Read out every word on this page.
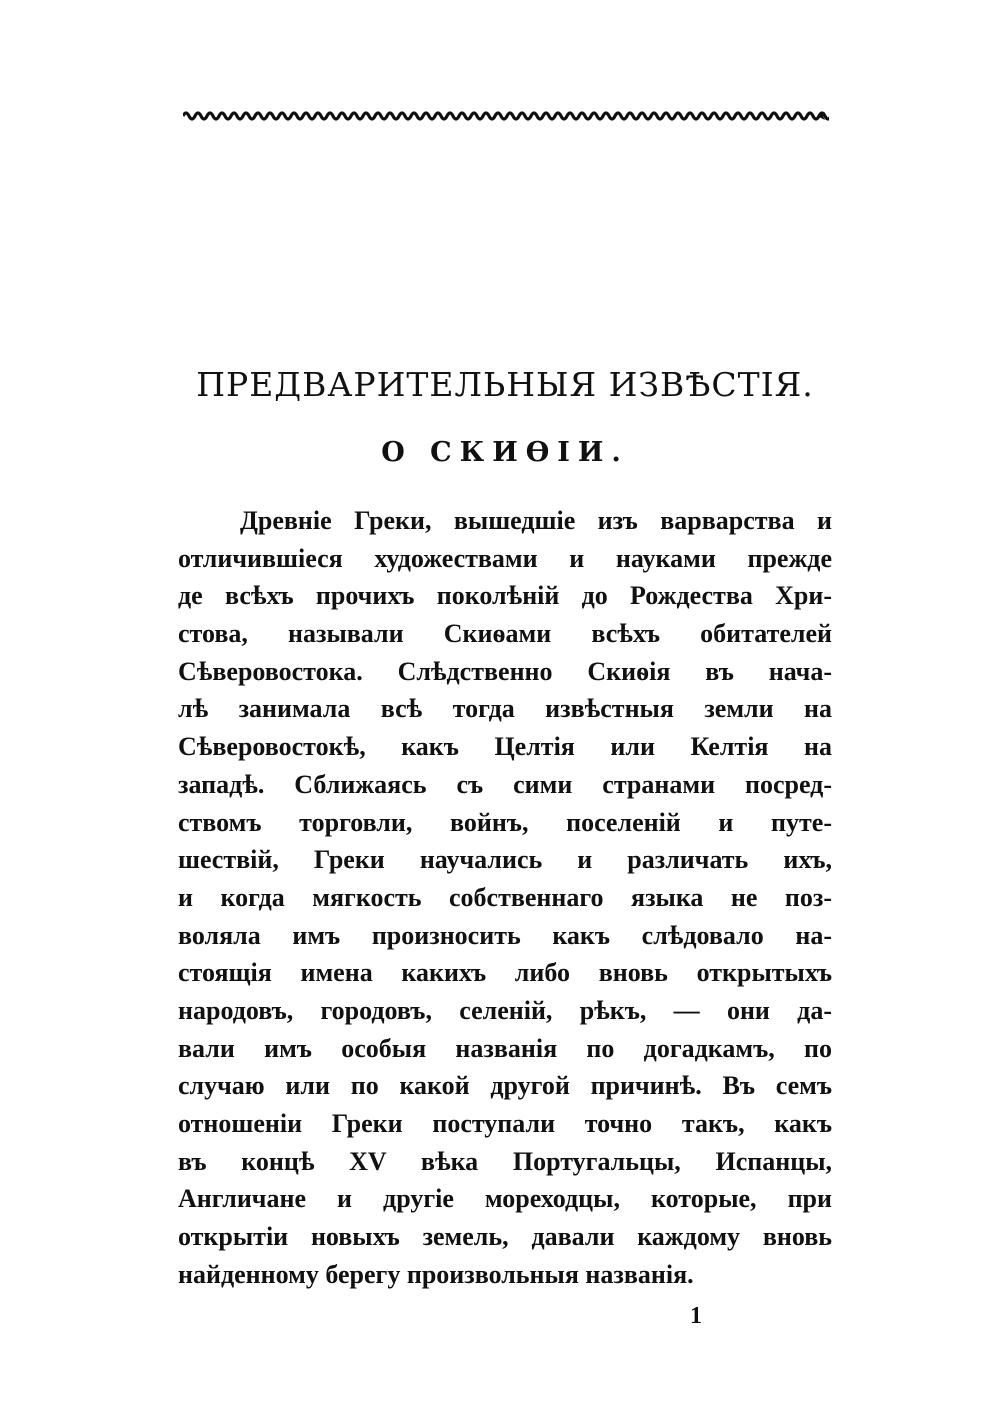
ПРЕДВАРИТЕЛЬНЫЯ ИЗВѢСТІЯ.
О СКИѲІИ.
Древніе Греки, вышедшіе изъ варварства и
отличившіеся художествами и науками прежде
де всѣхъ прочихъ поколѣній до Рождества Хри-
стова, называли Скиѳами всѣхъ обитателей
Сѣверовостока. Слѣдственно Скиѳія въ нача-
лѣ занимала всѣ тогда извѣстныя земли на
Сѣверовостокѣ, какъ Целтія или Келтія на
западѣ. Сближаясь съ сими странами посред-
ствомъ торговли, войнъ, поселеній и путе-
шествій, Греки научались и различать ихъ,
и когда мягкость собственнаго языка не поз-
воляла имъ произносить какъ слѣдовало на-
стоящія имена какихъ либо вновь открытыхъ
народовъ, городовъ, селеній, рѣкъ, — они да-
вали имъ особыя названія по догадкамъ, по
случаю или по какой другой причинѣ. Въ семъ
отношеніи Греки поступали точно такъ, какъ
въ концѣ XV вѣка Португальцы, Испанцы,
Англичане и другіе мореходцы, которые, при
открытіи новыхъ земель, давали каждому вновь
найденному берегу произвольныя названія.
1
